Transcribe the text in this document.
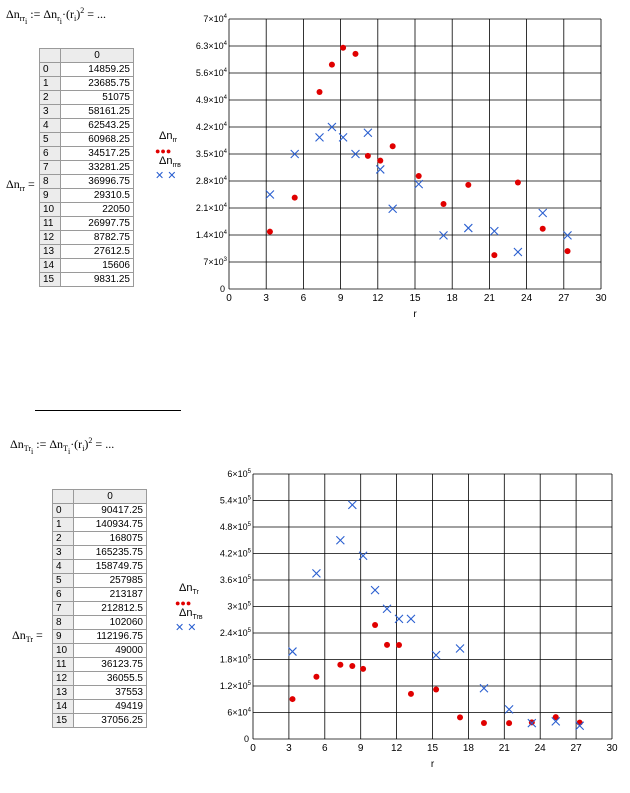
$\Delta n_{rr_i}$ := $\Delta n_{r_i}\cdot(r_i)^2$ = ...
$\Delta n_{rr}$ =
	0
0	14859.25
1	23685.75
2	51075
3	58161.25
4	62543.25
5	60968.25
6	34517.25
7	33281.25
8	36996.75
9	29310.5
10	22050
11	26997.75
12	8782.75
13	27612.5
14	15606
15	9831.25
$\Delta n_{rr}$
●●●
$\Delta n_{rrв}$
✕ ✕
0	3	6	9	12	15	18	21	24	27	30
0
$7\times 10^3$
$1.4\times 10^4$
$2.1\times 10^4$
$2.8\times 10^4$
$3.5\times 10^4$
$4.2\times 10^4$
$4.9\times 10^4$
$5.6\times 10^4$
$6.3\times 10^4$
$7\times 10^4$
r
$\Delta n_{Tr_i}$ := $\Delta n_{T_i}\cdot(r_i)^2$ = ...
$\Delta n_{Tr}$ =
	0
0	90417.25
1	140934.75
2	168075
3	165235.75
4	158749.75
5	257985
6	213187
7	212812.5
8	102060
9	112196.75
10	49000
11	36123.75
12	36055.5
13	37553
14	49419
15	37056.25
$\Delta n_{Tr}$
●●●
$\Delta n_{Trв}$
✕ ✕
0	3	6	9	12 15 18 21 24 27 30
0
$6\times 10^4$
$1.2\times 10^5$
$1.8\times 10^5$
$2.4\times 10^5$
$3\times 10^5$
$3.6\times 10^5$
$4.2\times 10^5$
$4.8\times 10^5$
$5.4\times 10^5$
$6\times 10^5$
r
